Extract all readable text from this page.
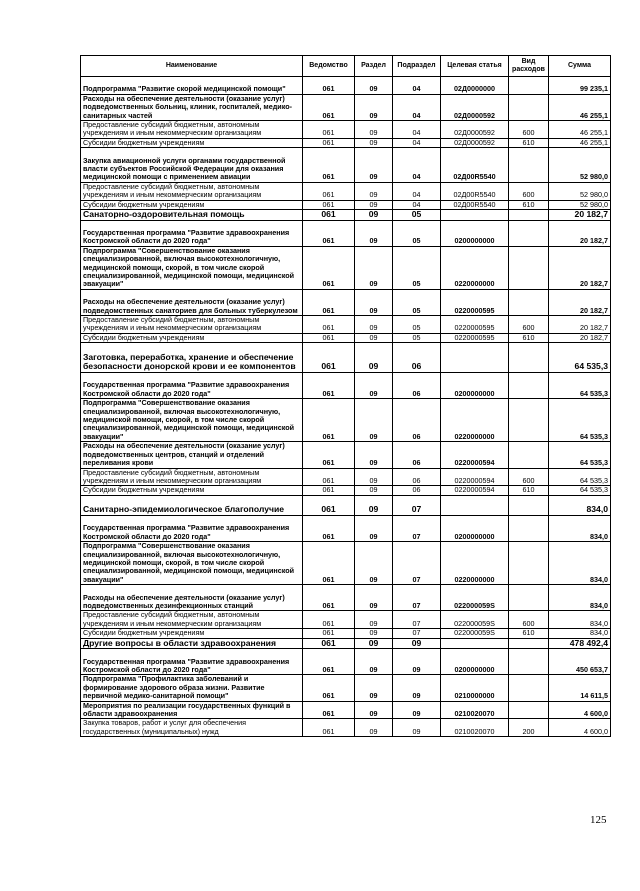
Наименование	Ведомство	Раздел	Подраздел	Целевая статья	Вид расходов	Сумма
Подпрограмма "Развитие скорой медицинской помощи"	061	09	04	02Д0000000		99 235,1
Расходы на обеспечение деятельности (оказание услуг) подведомственных больниц, клиник, госпиталей, медико-санитарных частей	061	09	04	02Д0000592		46 255,1
Предоставление субсидий бюджетным, автономным учреждениям и иным некоммерческим организациям	061	09	04	02Д0000592	600	46 255,1
Субсидии бюджетным учреждениям	061	09	04	02Д0000592	610	46 255,1
Закупка авиационной услуги органами государственной власти субъектов Российской Федерации для оказания медицинской помощи с применением авиации	061	09	04	02Д00R5540		52 980,0
Предоставление субсидий бюджетным, автономным учреждениям и иным некоммерческим организациям	061	09	04	02Д00R5540	600	52 980,0
Субсидии бюджетным учреждениям	061	09	04	02Д00R5540	610	52 980,0
Санаторно-оздоровительная помощь	061	09	05			20 182,7
Государственная программа "Развитие здравоохранения Костромской области до 2020 года"	061	09	05	0200000000		20 182,7
Подпрограмма "Совершенствование оказания специализированной, включая высокотехнологичную, медицинской помощи, скорой, в том числе скорой специализированной, медицинской помощи, медицинской эвакуации"	061	09	05	0220000000		20 182,7
Расходы на обеспечение деятельности (оказание услуг) подведомственных санаториев для больных туберкулезом	061	09	05	0220000595		20 182,7
Предоставление субсидий бюджетным, автономным учреждениям и иным некоммерческим организациям	061	09	05	0220000595	600	20 182,7
Субсидии бюджетным учреждениям	061	09	05	0220000595	610	20 182,7
Заготовка, переработка, хранение и обеспечение безопасности донорской крови и ее компонентов	061	09	06			64 535,3
Государственная программа "Развитие здравоохранения Костромской области до 2020 года"	061	09	06	0200000000		64 535,3
Подпрограмма "Совершенствование оказания специализированной, включая высокотехнологичную, медицинской помощи, скорой, в том числе скорой специализированной, медицинской помощи, медицинской эвакуации"	061	09	06	0220000000		64 535,3
Расходы на обеспечение деятельности (оказание услуг) подведомственных центров, станций и отделений переливания крови	061	09	06	0220000594		64 535,3
Предоставление субсидий бюджетным, автономным учреждениям и иным некоммерческим организациям	061	09	06	0220000594	600	64 535,3
Субсидии бюджетным учреждениям	061	09	06	0220000594	610	64 535,3
Санитарно-эпидемиологическое благополучие	061	09	07			834,0
Государственная программа "Развитие здравоохранения Костромской области до 2020 года"	061	09	07	0200000000		834,0
Подпрограмма "Совершенствование оказания специализированной, включая высокотехнологичную, медицинской помощи, скорой, в том числе скорой специализированной, медицинской помощи, медицинской эвакуации"	061	09	07	0220000000		834,0
Расходы на обеспечение деятельности (оказание услуг) подведомственных дезинфекционных станций	061	09	07	022000059S		834,0
Предоставление субсидий бюджетным, автономным учреждениям и иным некоммерческим организациям	061	09	07	022000059S	600	834,0
Субсидии бюджетным учреждениям	061	09	07	022000059S	610	834,0
Другие вопросы в области здравоохранения	061	09	09			478 492,4
Государственная программа "Развитие здравоохранения Костромской области до 2020 года"	061	09	09	0200000000		450 653,7
Подпрограмма "Профилактика заболеваний и формирование здорового образа жизни. Развитие первичной медико-санитарной помощи"	061	09	09	0210000000		14 611,5
Мероприятия по реализации государственных функций в области здравоохранения	061	09	09	0210020070		4 600,0
Закупка товаров, работ и услуг для обеспечения государственных (муниципальных) нужд	061	09	09	0210020070	200	4 600,0
125
